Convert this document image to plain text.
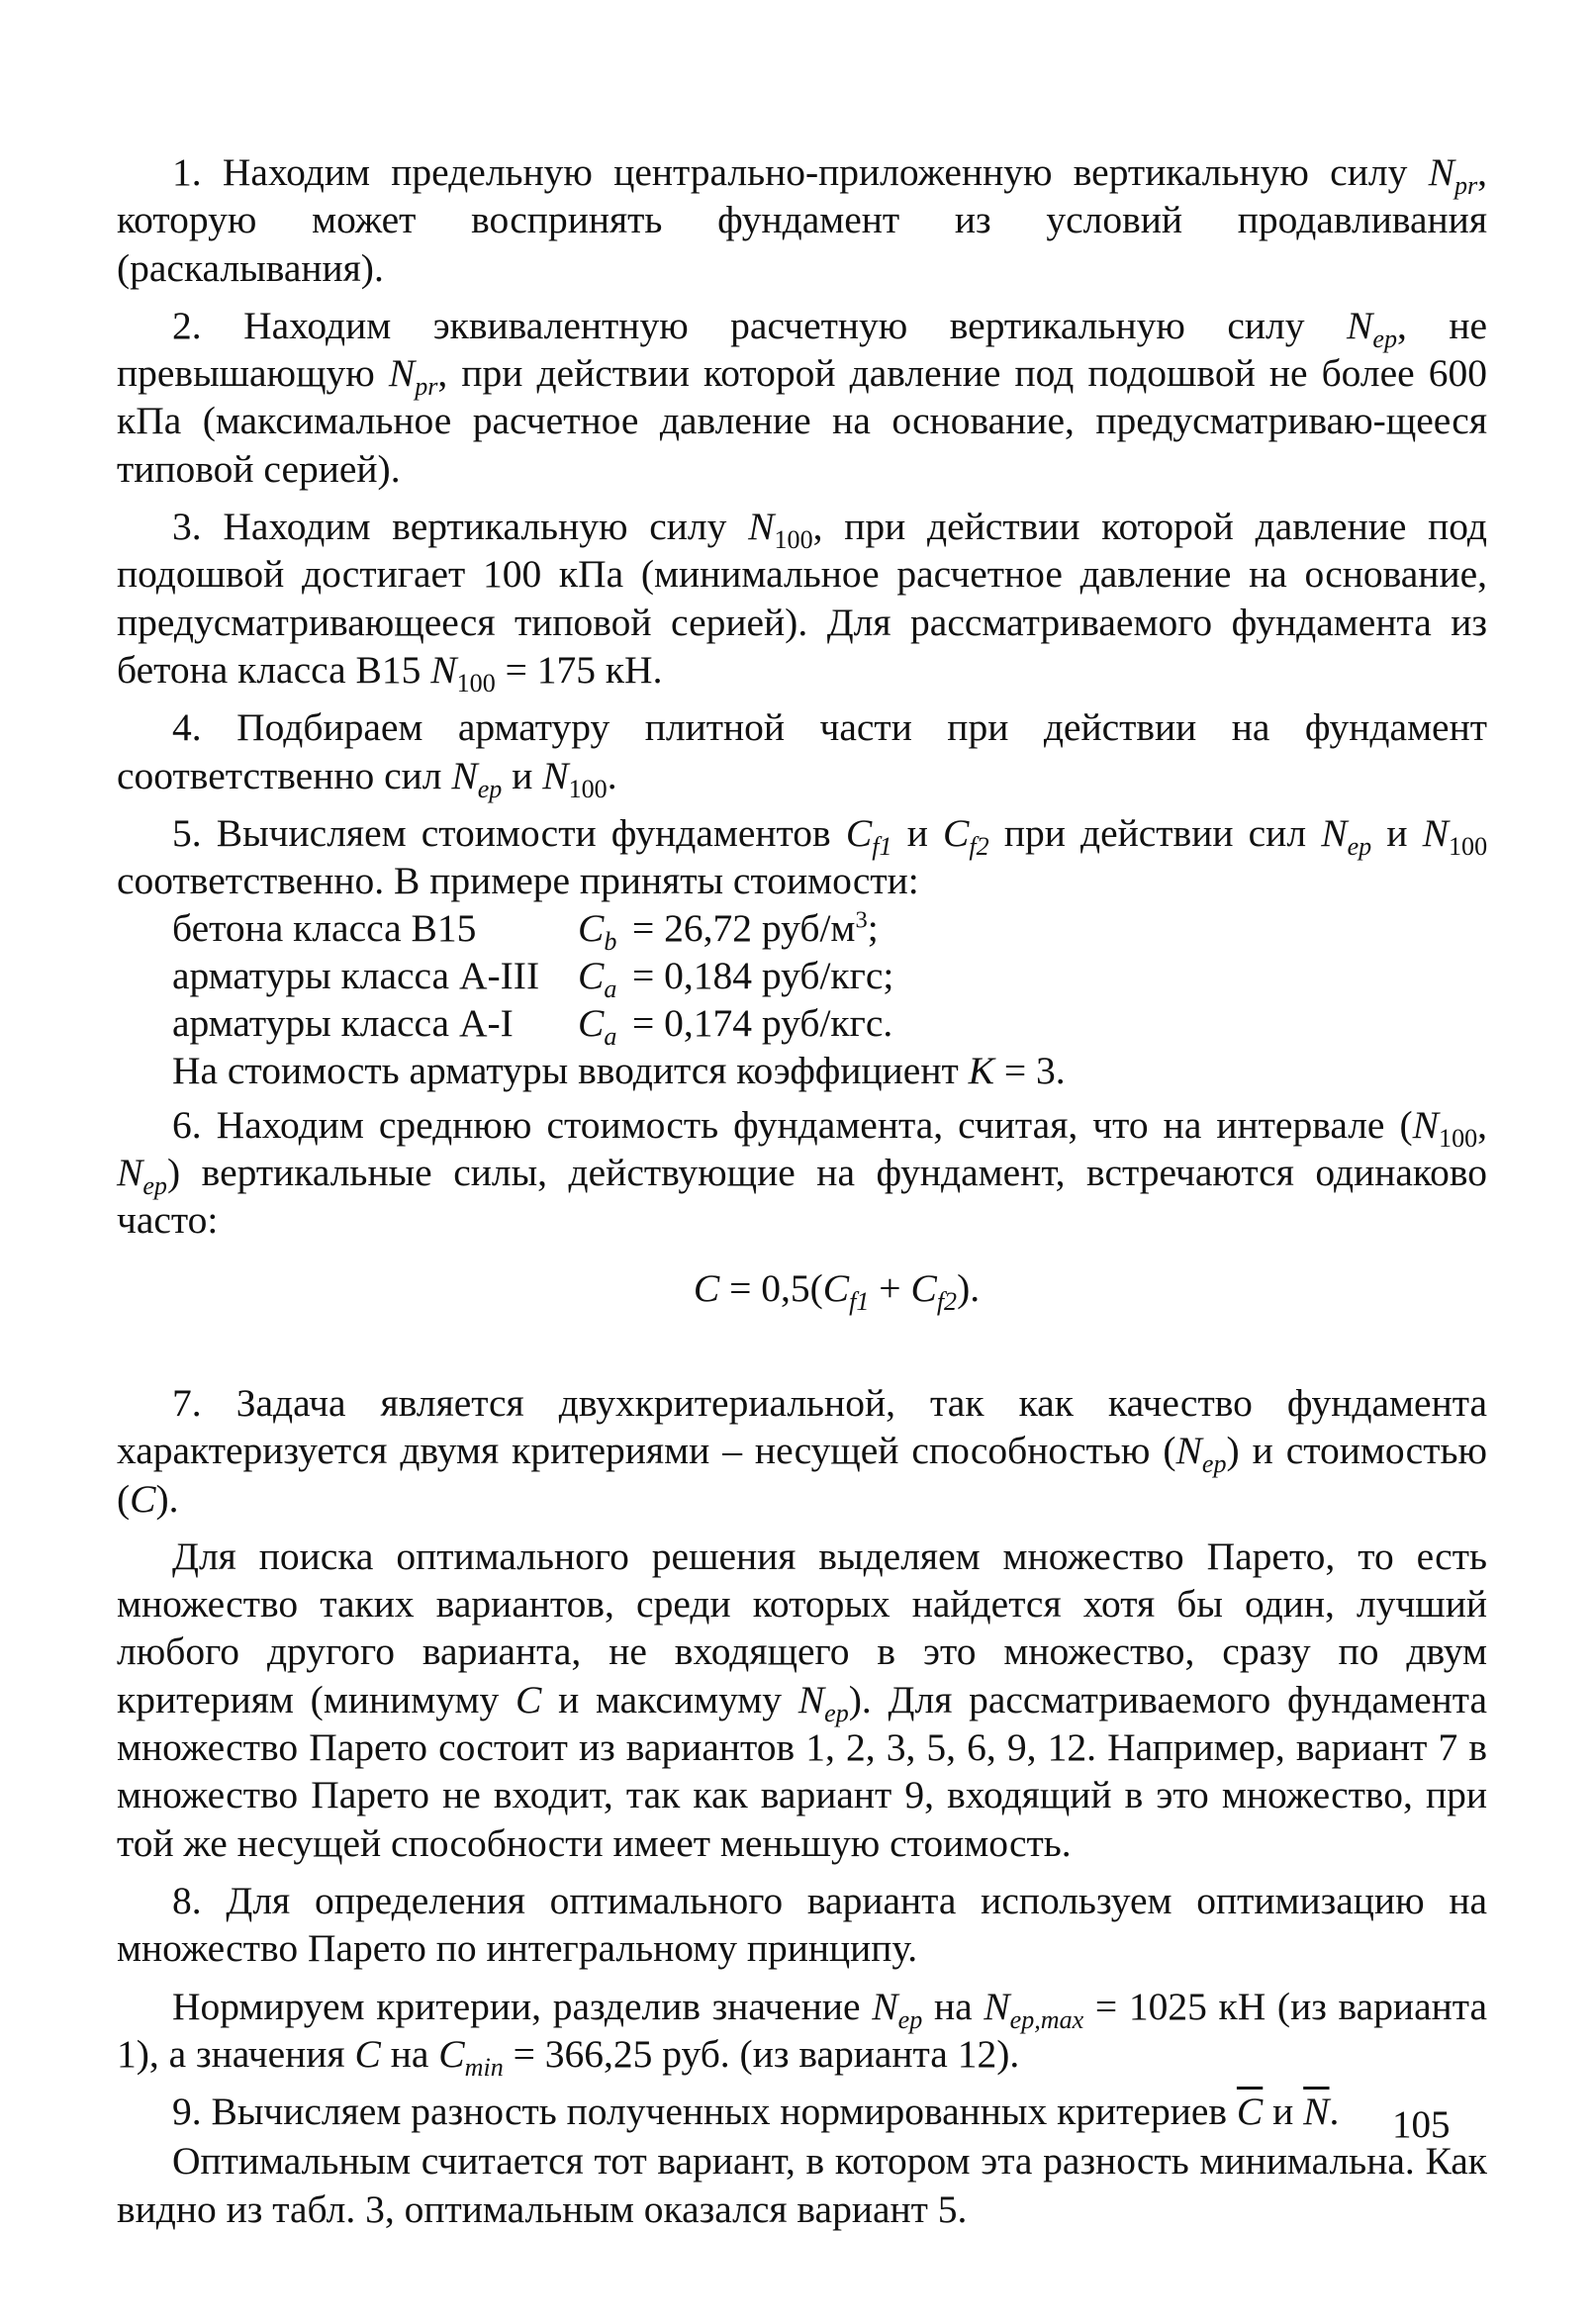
1. Находим предельную центрально-приложенную вертикальную силу $N_{pr}$, которую может воспринять фундамент из условий продавливания (раскалывания).

2. Находим эквивалентную расчетную вертикальную силу $N_{ep}$, не превышающую $N_{pr}$, при действии которой давление под подошвой не более 600 кПа (максимальное расчетное давление на основание, предусматриваю-щееся типовой серией).

3. Находим вертикальную силу $N_{100}$, при действии которой давление под подошвой достигает 100 кПа (минимальное расчетное давление на основание, предусматривающееся типовой серией). Для рассматриваемого фундамента из бетона класса В15 $N_{100} = 175$ кН.

4. Подбираем арматуру плитной части при действии на фундамент соответственно сил $N_{ep}$ и $N_{100}$.

5. Вычисляем стоимости фундаментов $C_{f1}$ и $C_{f2}$ при действии сил $N_{ep}$ и $N_{100}$ соответственно. В примере приняты стоимости:

бетона класса В15	$C_b = 26,72$ руб/$м^3$;
арматуры класса А-III $C_a = 0,184$ руб/кгс;
арматуры класса А-I	$C_a = 0,174$ руб/кгс.

На стоимость арматуры вводится коэффициент K = 3.

6. Находим среднюю стоимость фундамента, считая, что на интервале ($N_{100}$, $N_{ep}$) вертикальные силы, действующие на фундамент, встречаются одинаково часто:

$C = 0,5(C_{f1} + C_{f2})$.

7. Задача является двухкритериальной, так как качество фундамента характеризуется двумя критериями – несущей способностью $(N_{ep})$ и стоимостью (C).

Для поиска оптимального решения выделяем множество Парето, то есть множество таких вариантов, среди которых найдется хотя бы один, лучший любого другого варианта, не входящего в это множество, сразу по двум критериям (минимуму C и максимуму $N_{ep}$). Для рассматриваемого фундамента множество Парето состоит из вариантов 1, 2, 3, 5, 6, 9, 12. Например, вариант 7 в множество Парето не входит, так как вариант 9, входящий в это множество, при той же несущей способности имеет меньшую стоимость.

8. Для определения оптимального варианта используем оптимизацию на множество Парето по интегральному принципу.

Нормируем критерии, разделив значение $N_{ep}$ на $N_{ep,max} = 1025$ кН (из варианта 1), а значения C на $C_{min} = 366,25$ руб. (из варианта 12).

9. Вычисляем разность полученных нормированных критериев $\overline{C}$ и $\overline{N}$.

Оптимальным считается тот вариант, в котором эта разность минимальна. Как видно из табл. 3, оптимальным оказался вариант 5.

105
